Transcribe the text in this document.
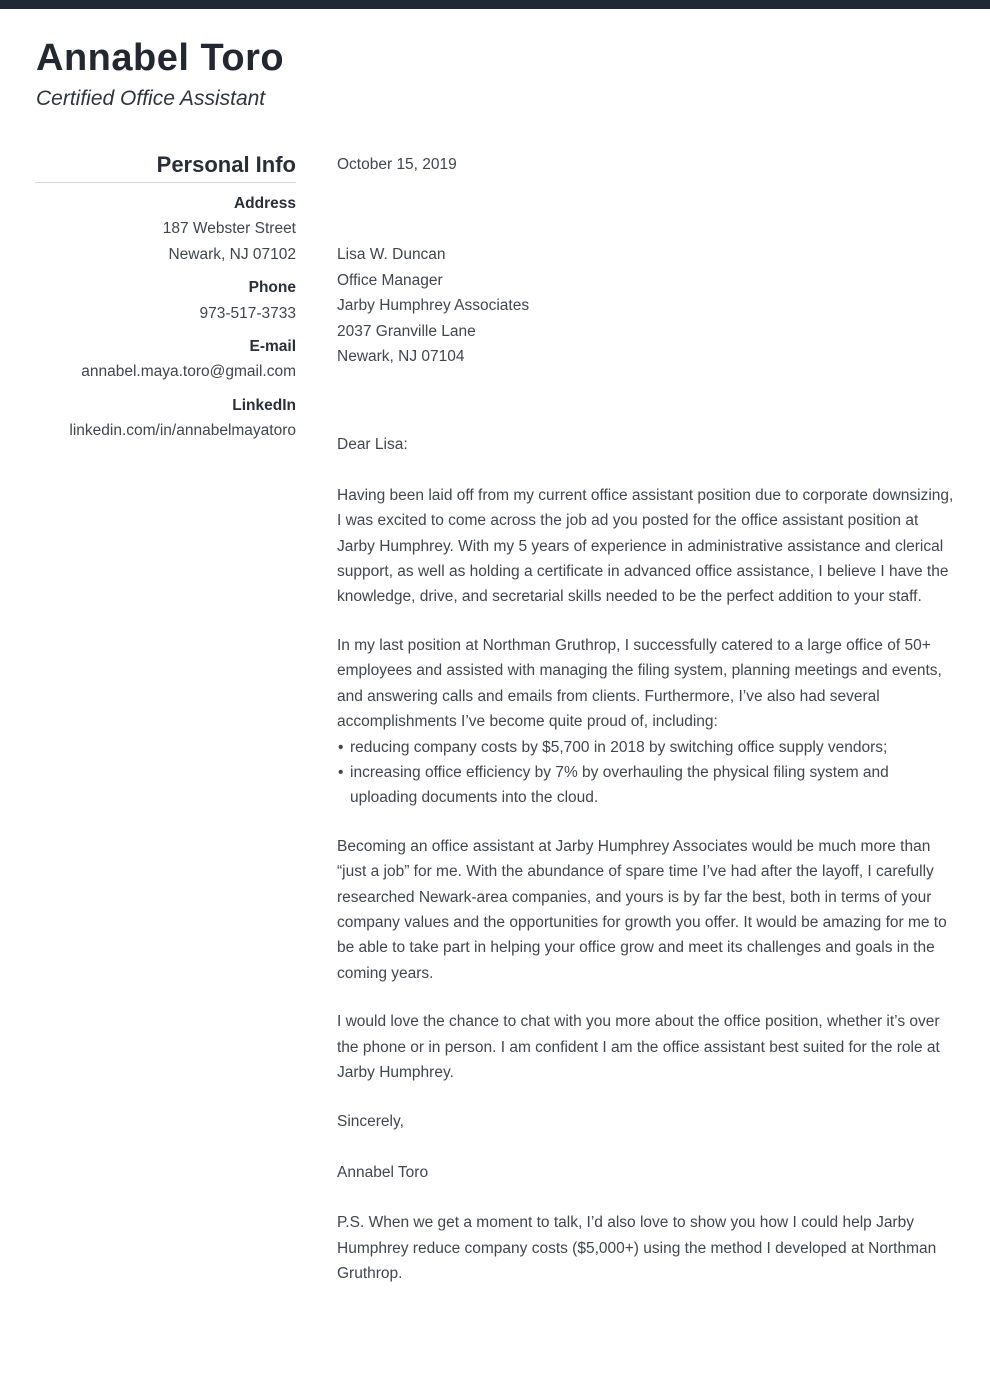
Annabel Toro
Certified Office Assistant
Personal Info
Address
187 Webster Street
Newark, NJ 07102
Phone
973-517-3733
E-mail
annabel.maya.toro@gmail.com
LinkedIn
linkedin.com/in/annabelmayatoro
October 15, 2019
Lisa W. Duncan
Office Manager
Jarby Humphrey Associates
2037 Granville Lane
Newark, NJ 07104
Dear Lisa:
Having been laid off from my current office assistant position due to corporate downsizing, I was excited to come across the job ad you posted for the office assistant position at Jarby Humphrey. With my 5 years of experience in administrative assistance and clerical support, as well as holding a certificate in advanced office assistance, I believe I have the knowledge, drive, and secretarial skills needed to be the perfect addition to your staff.
In my last position at Northman Gruthrop, I successfully catered to a large office of 50+ employees and assisted with managing the filing system, planning meetings and events, and answering calls and emails from clients. Furthermore, I’ve also had several accomplishments I’ve become quite proud of, including:
• reducing company costs by $5,700 in 2018 by switching office supply vendors;
• increasing office efficiency by 7% by overhauling the physical filing system and uploading documents into the cloud.
Becoming an office assistant at Jarby Humphrey Associates would be much more than “just a job” for me. With the abundance of spare time I’ve had after the layoff, I carefully researched Newark-area companies, and yours is by far the best, both in terms of your company values and the opportunities for growth you offer. It would be amazing for me to be able to take part in helping your office grow and meet its challenges and goals in the coming years.
I would love the chance to chat with you more about the office position, whether it’s over the phone or in person. I am confident I am the office assistant best suited for the role at Jarby Humphrey.
Sincerely,
Annabel Toro
P.S. When we get a moment to talk, I’d also love to show you how I could help Jarby Humphrey reduce company costs ($5,000+) using the method I developed at Northman Gruthrop.
